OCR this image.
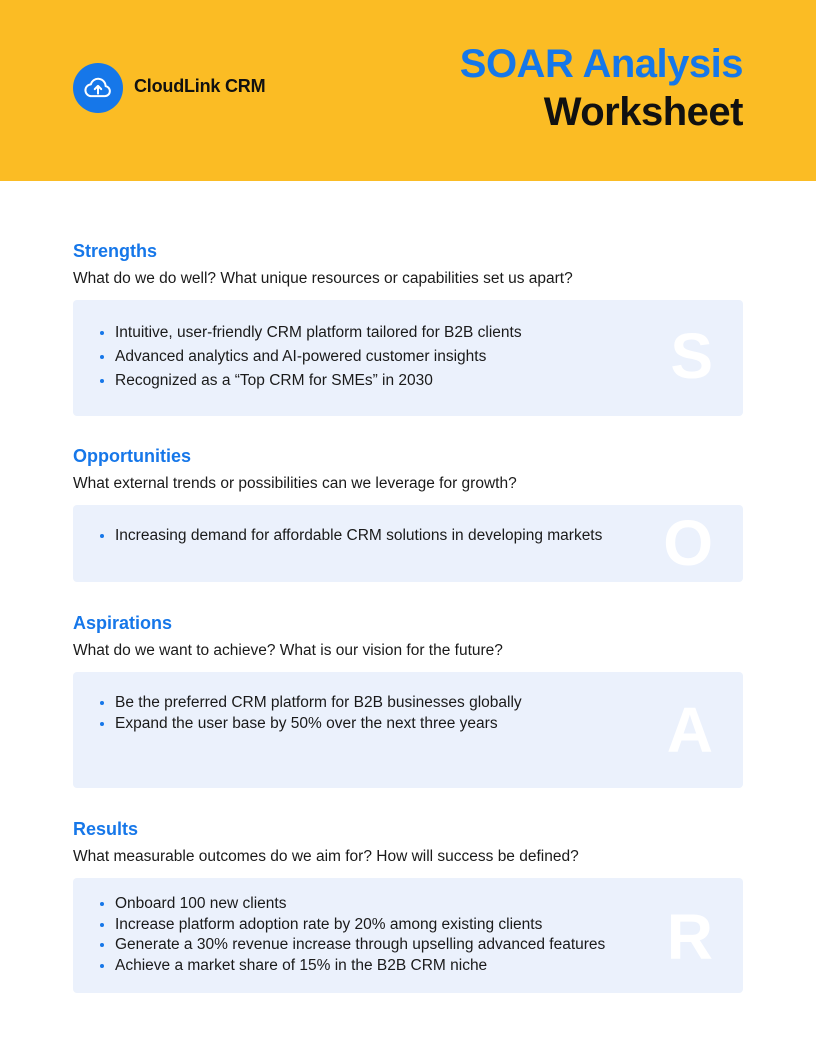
CloudLink CRM	SOAR Analysis
Worksheet
Strengths
What do we do well? What unique resources or capabilities set us apart?
Intuitive, user-friendly CRM platform tailored for B2B clients
Advanced analytics and AI-powered customer insights
Recognized as a “Top CRM for SMEs” in 2030	S
Opportunities
What external trends or possibilities can we leverage for growth?
Increasing demand for affordable CRM solutions in developing markets O
Aspirations
What do we want to achieve? What is our vision for the future?
Be the preferred CRM platform for B2B businesses globally
Expand the user base by 50% over the next three years	A
Results
What measurable outcomes do we aim for? How will success be defined?
Onboard 100 new clients
Increase platform adoption rate by 20% among existing clients
Generate a 30% revenue increase through upselling advanced features
Achieve a market share of 15% in the B2B CRM niche	R
